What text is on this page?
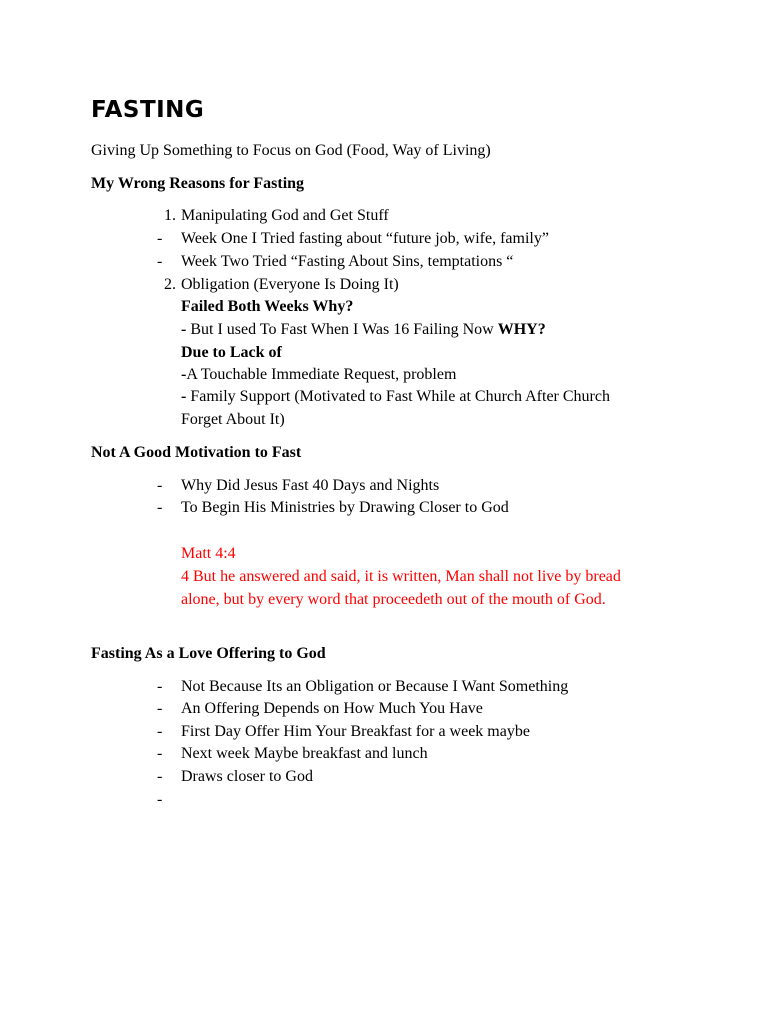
FASTING
Giving Up Something to Focus on God (Food, Way of Living)
My Wrong Reasons for Fasting
1. Manipulating God and Get Stuff
- Week One I Tried fasting about “future job, wife, family”
- Week Two Tried “Fasting About Sins, temptations “
2. Obligation (Everyone Is Doing It)
Failed Both Weeks Why?
- But I used To Fast When I Was 16 Failing Now WHY?
Due to Lack of
-A Touchable Immediate Request, problem
- Family Support (Motivated to Fast While at Church After Church
Forget About It)
Not A Good Motivation to Fast
- Why Did Jesus Fast 40 Days and Nights
- To Begin His Ministries by Drawing Closer to God
Matt 4:4
4 But he answered and said, it is written, Man shall not live by bread
alone, but by every word that proceedeth out of the mouth of God.
Fasting As a Love Offering to God
- Not Because Its an Obligation or Because I Want Something
- An Offering Depends on How Much You Have
- First Day Offer Him Your Breakfast for a week maybe
- Next week Maybe breakfast and lunch
- Draws closer to God
-
